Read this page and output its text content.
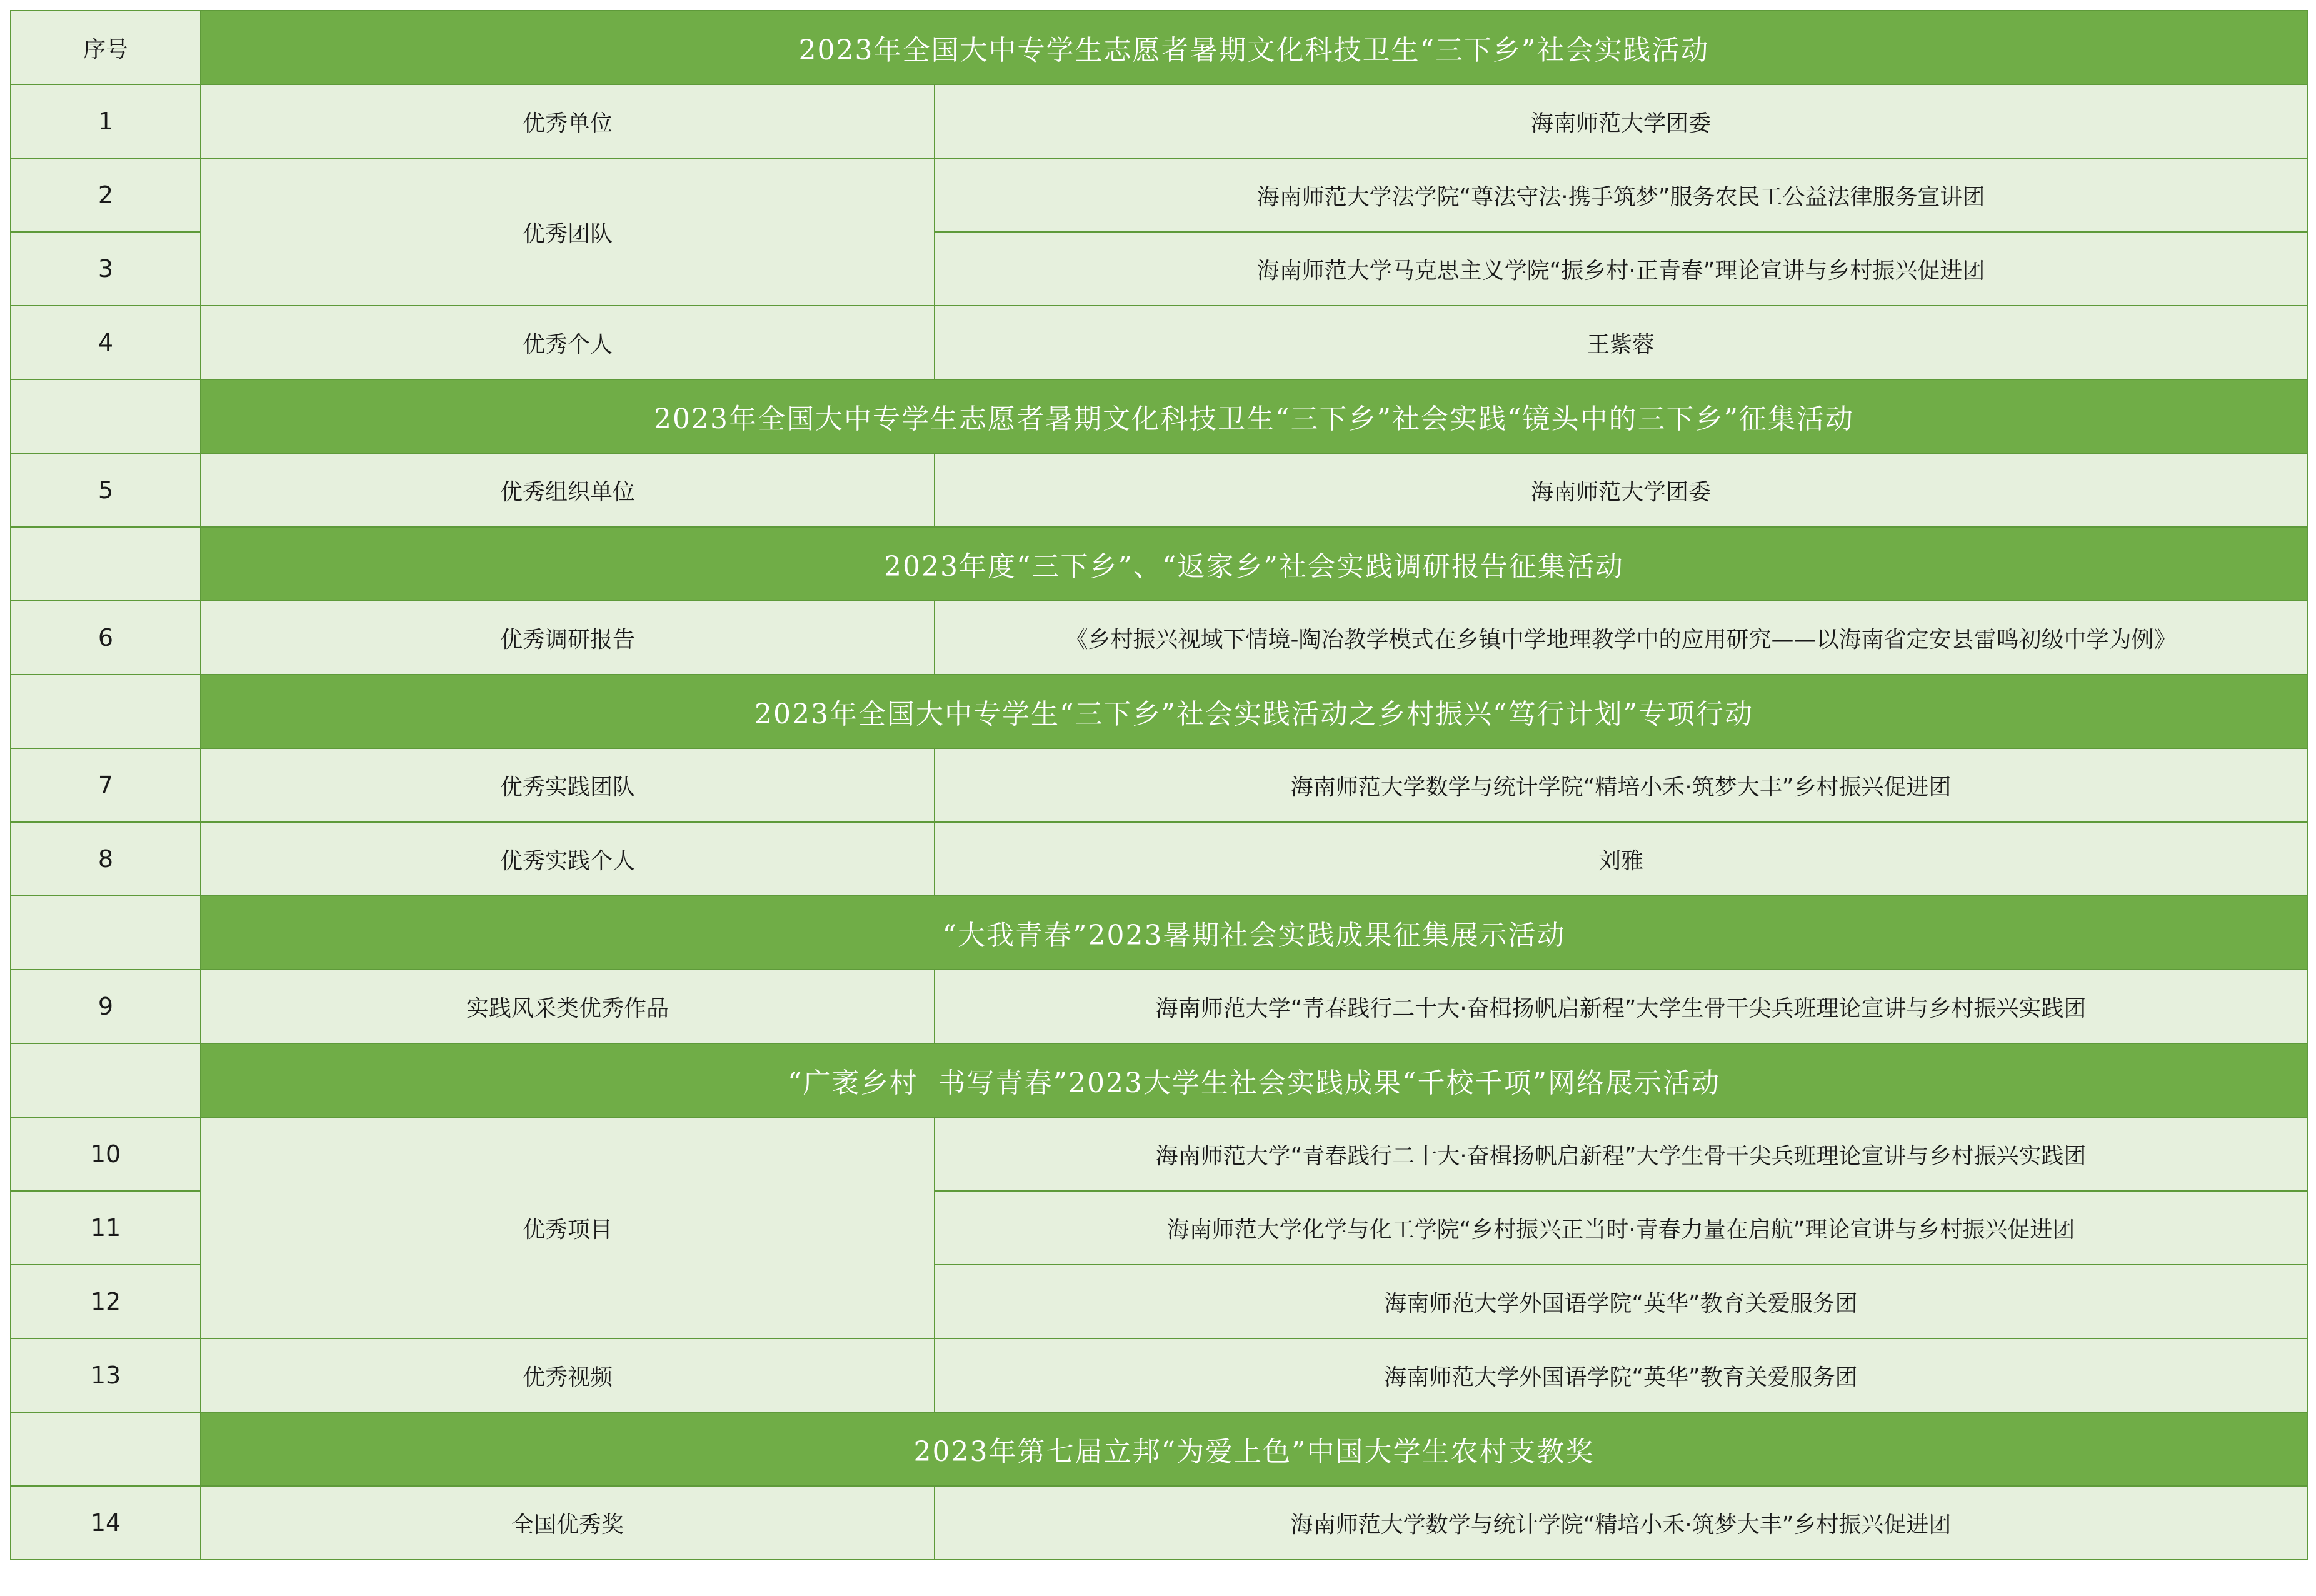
序号	2023年全国大中专学生志愿者暑期文化科技卫生“三下乡”社会实践活动	
1	优秀单位	海南师范大学团委
2	优秀团队	海南师范大学法学院“尊法守法·携手筑梦”服务农民工公益法律服务宣讲团
3		海南师范大学马克思主义学院“振乡村·正青春”理论宣讲与乡村振兴促进团
4	优秀个人	王紫蓉
	2023年全国大中专学生志愿者暑期文化科技卫生“三下乡”社会实践“镜头中的三下乡”征集活动	
5	优秀组织单位	海南师范大学团委
	2023年度“三下乡”、“返家乡”社会实践调研报告征集活动	
6	优秀调研报告	《乡村振兴视域下情境-陶冶教学模式在乡镇中学地理教学中的应用研究——以海南省定安县雷鸣初级中学为例》
	2023年全国大中专学生“三下乡”社会实践活动之乡村振兴“笃行计划”专项行动	
7	优秀实践团队	海南师范大学数学与统计学院“精培小禾·筑梦大丰”乡村振兴促进团
8	优秀实践个人	刘雅
	“大我青春”2023暑期社会实践成果征集展示活动	
9	实践风采类优秀作品	海南师范大学“青春践行二十大·奋楫扬帆启新程”大学生骨干尖兵班理论宣讲与乡村振兴实践团
	“广袤乡村  书写青春”2023大学生社会实践成果“千校千项”网络展示活动	
10	优秀项目	海南师范大学“青春践行二十大·奋楫扬帆启新程”大学生骨干尖兵班理论宣讲与乡村振兴实践团
11		海南师范大学化学与化工学院“乡村振兴正当时·青春力量在启航”理论宣讲与乡村振兴促进团
12		海南师范大学外国语学院“英华”教育关爱服务团
13	优秀视频	海南师范大学外国语学院“英华”教育关爱服务团
	2023年第七届立邦“为爱上色”中国大学生农村支教奖	
14	全国优秀奖	海南师范大学数学与统计学院“精培小禾·筑梦大丰”乡村振兴促进团
